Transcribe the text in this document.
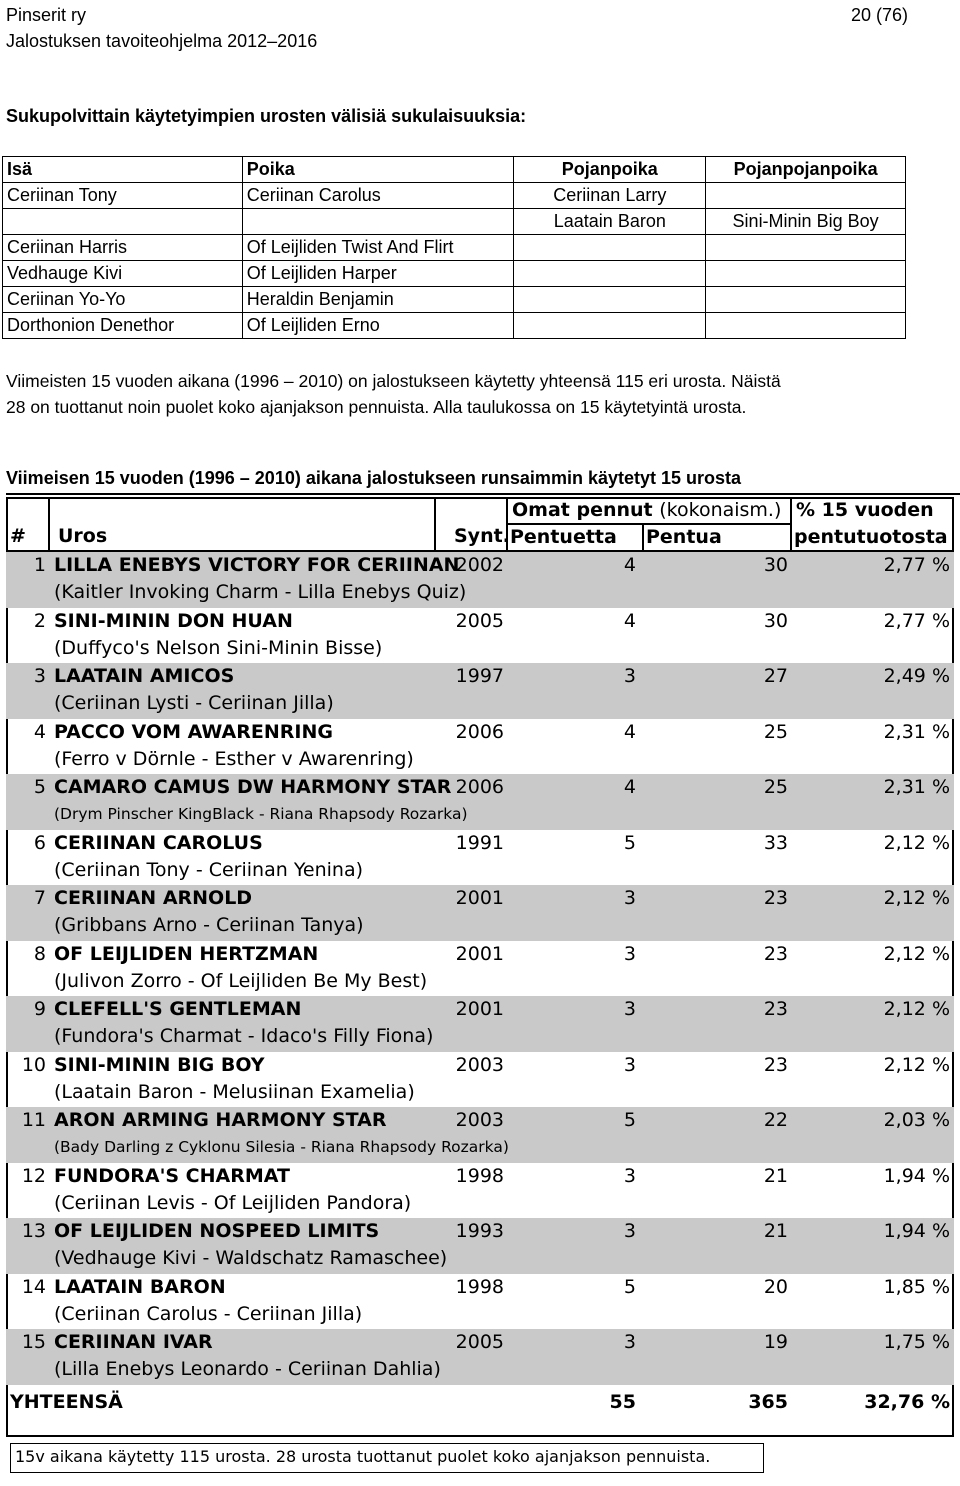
Pinserit ry
Jalostuksen tavoiteohjelma 2012–2016
20 (76)
Sukupolvittain käytetyimpien urosten välisiä sukulaisuuksia:
Isä	Poika	Pojanpoika	Pojanpojanpoika
Ceriinan Tony	Ceriinan Carolus	Ceriinan Larry	
		Laatain Baron	Sini-Minin Big Boy
Ceriinan Harris	Of Leijliden Twist And Flirt		
Vedhauge Kivi	Of Leijliden Harper		
Ceriinan Yo-Yo	Heraldin Benjamin		
Dorthonion Denethor	Of Leijliden Erno		
Viimeisten 15 vuoden aikana (1996 – 2010) on jalostukseen käytetty yhteensä 115 eri urosta. Näistä
28 on tuottanut noin puolet koko ajanjakson pennuista. Alla taulukossa on 15 käytetyintä urosta.
Viimeisen 15 vuoden (1996 – 2010) aikana jalostukseen runsaimmin käytetyt 15 urosta
# Uros	Synt.
Omat pennut (kokonaism.)
Pentuetta Pentua
% 15 vuoden
pentutuotosta
1 LILLA ENEBYS VICTORY FOR CERIINAN
(Kaitler Invoking Charm - Lilla Enebys Quiz)
2002	4	30	2,77 %
2 SINI-MININ DON HUAN
(Duffyco's Nelson Sini-Minin Bisse)
2005	4	30	2,77 %
3 LAATAIN AMICOS
(Ceriinan Lysti - Ceriinan Jilla)
1997	3	27	2,49 %
4 PACCO VOM AWARENRING
(Ferro v Dörnle - Esther v Awarenring)
2006	4	25	2,31 %
5 CAMARO CAMUS DW HARMONY STAR
(Drym Pinscher KingBlack - Riana Rhapsody Rozarka)
2006	4	25	2,31 %
6 CERIINAN CAROLUS
(Ceriinan Tony - Ceriinan Yenina)
1991	5	33	2,12 %
7 CERIINAN ARNOLD
(Gribbans Arno - Ceriinan Tanya)
2001	3	23	2,12 %
8 OF LEIJLIDEN HERTZMAN
(Julivon Zorro - Of Leijliden Be My Best)
2001	3	23	2,12 %
9 CLEFELL'S GENTLEMAN
(Fundora's Charmat - Idaco's Filly Fiona)
2001	3	23	2,12 %
10 SINI-MININ BIG BOY
(Laatain Baron - Melusiinan Examelia)
2003	3	23	2,12 %
11 ARON ARMING HARMONY STAR
(Bady Darling z Cyklonu Silesia - Riana Rhapsody Rozarka)
2003	5	22	2,03 %
12 FUNDORA'S CHARMAT
(Ceriinan Levis - Of Leijliden Pandora)
1998	3	21	1,94 %
13 OF LEIJLIDEN NOSPEED LIMITS
(Vedhauge Kivi - Waldschatz Ramaschee)
1993	3	21	1,94 %
14 LAATAIN BARON
(Ceriinan Carolus - Ceriinan Jilla)
1998	5	20	1,85 %
15 CERIINAN IVAR
(Lilla Enebys Leonardo - Ceriinan Dahlia)
2005	3	19	1,75 %
YHTEENSÄ	55	365	32,76 %
15v aikana käytetty 115 urosta. 28 urosta tuottanut puolet koko ajanjakson pennuista.
